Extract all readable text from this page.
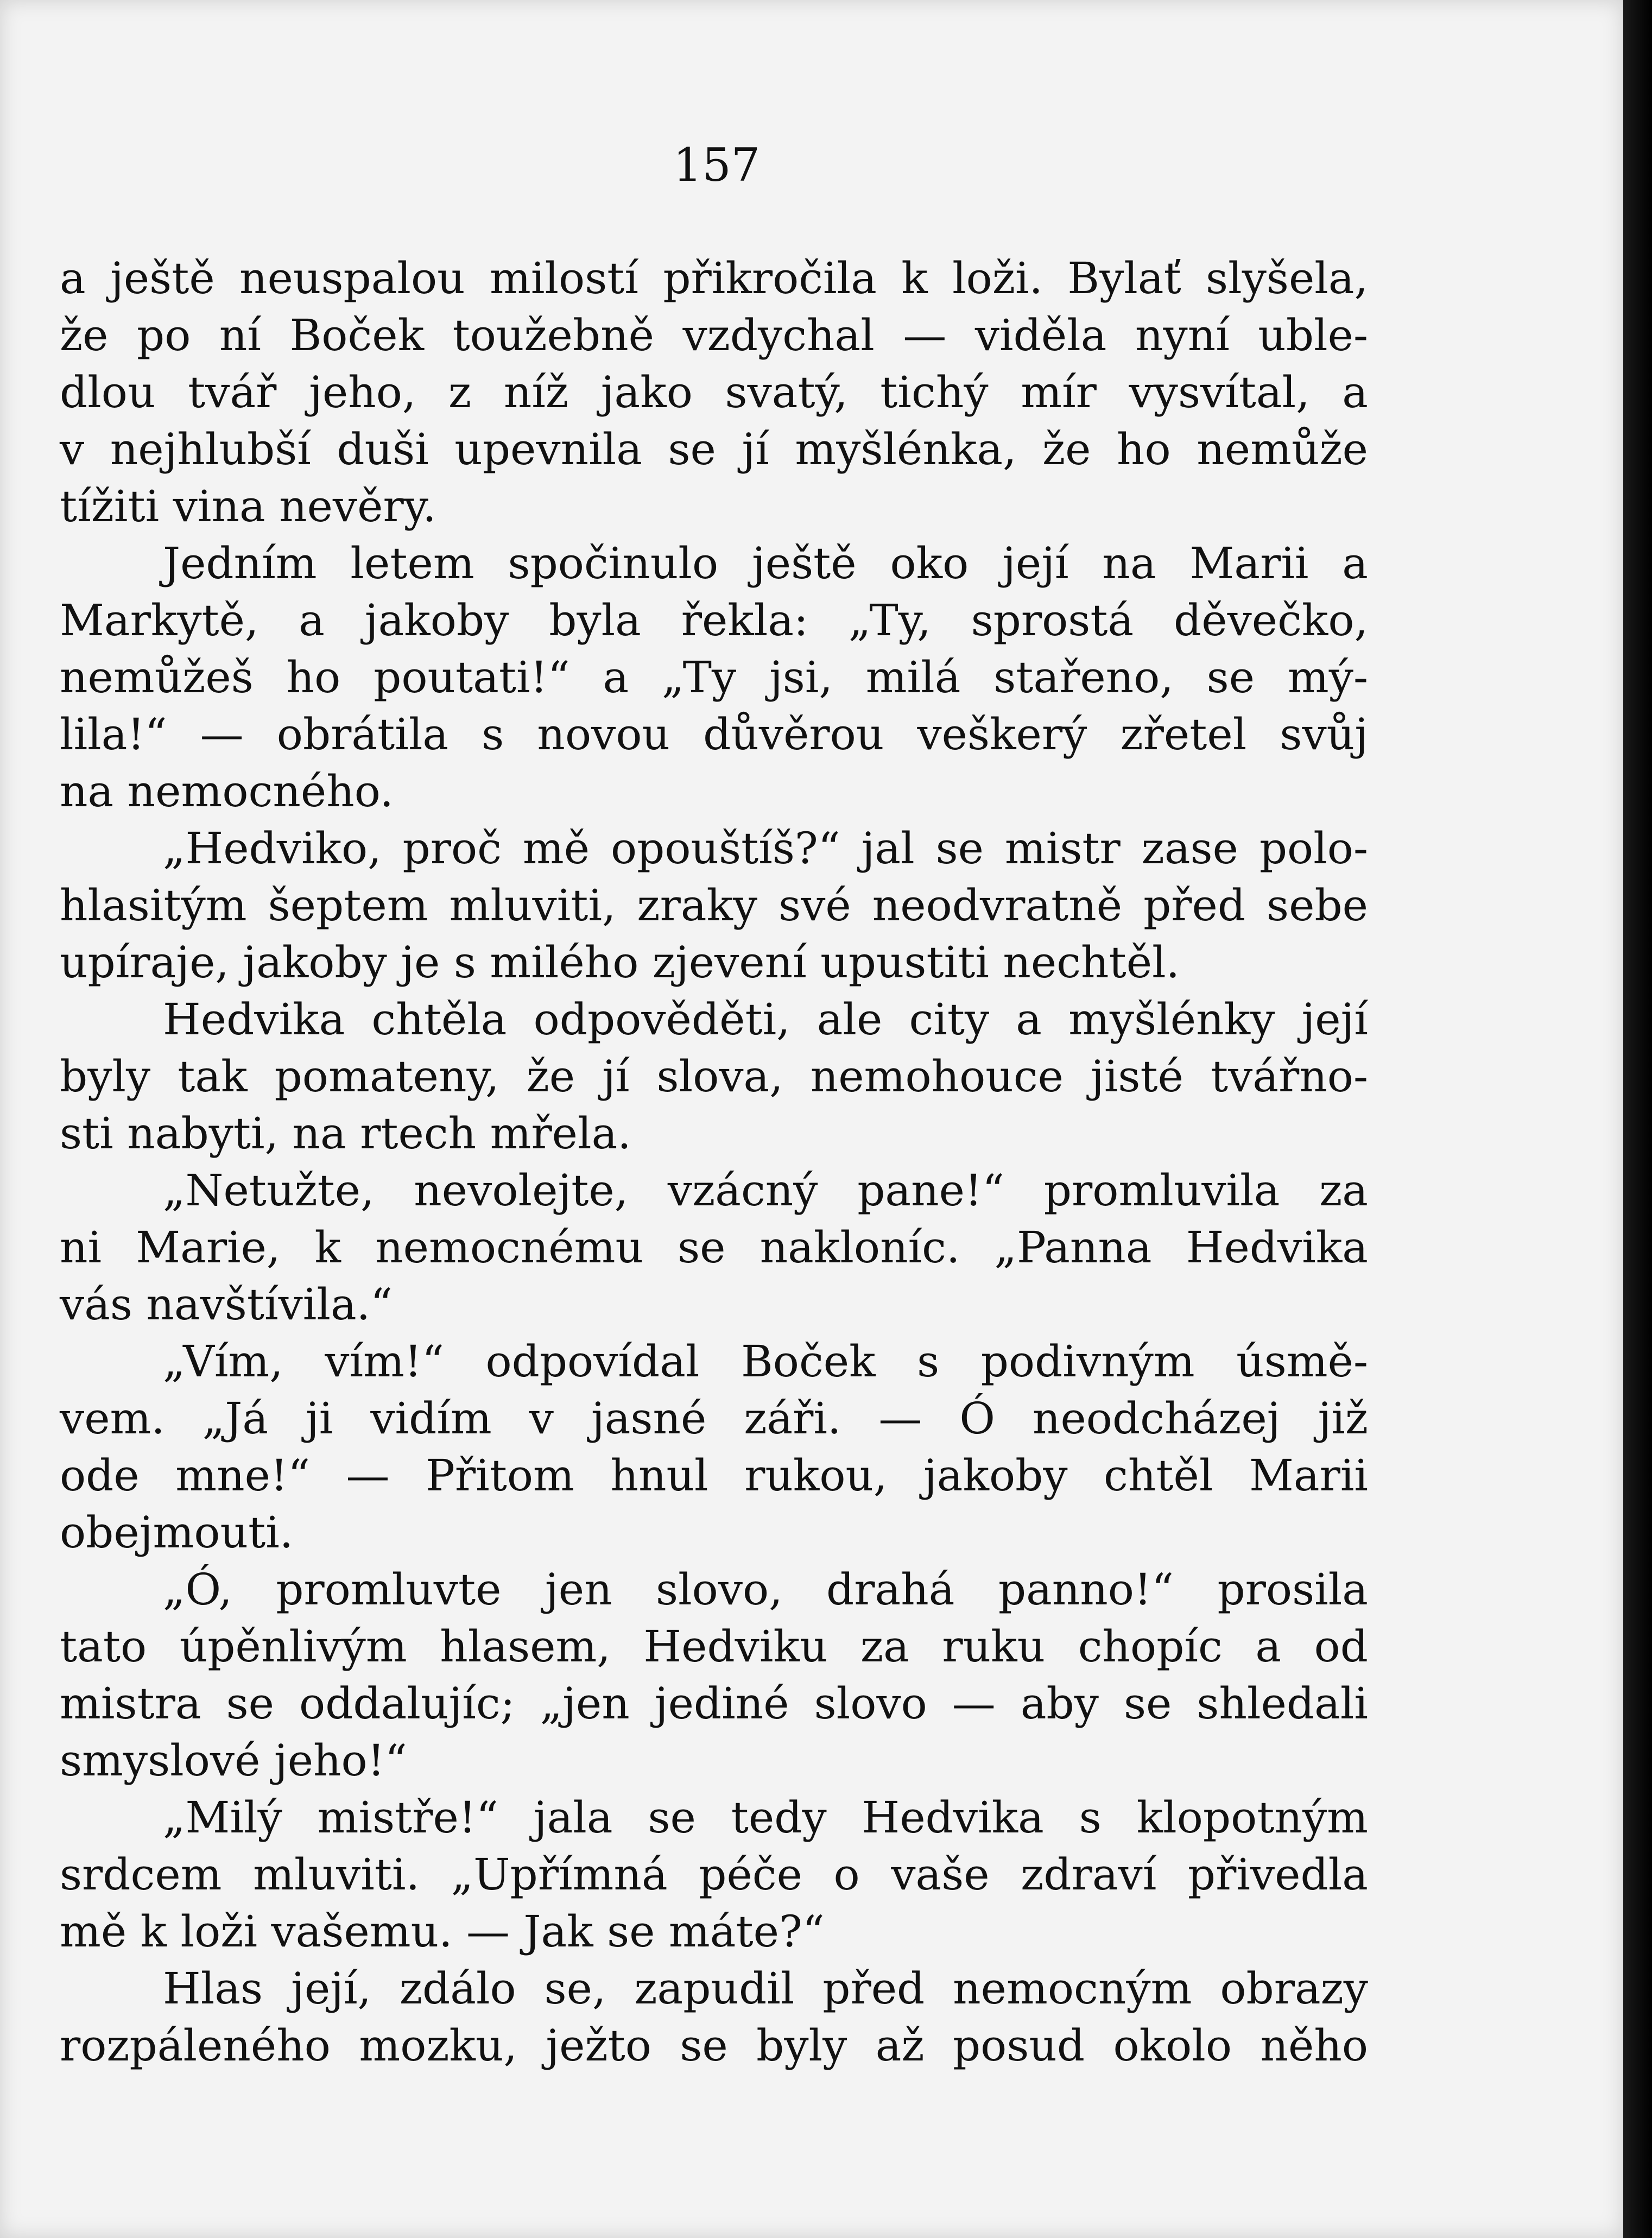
157
a ještě neuspalou milostí přikročila k loži. Bylať slyšela,
že po ní Boček toužebně vzdychal — viděla nyní uble-
dlou tvář jeho, z níž jako svatý, tichý mír vysvítal, a
v nejhlubší duši upevnila se jí myšlénka, že ho nemůže
tížiti vina nevěry.
Jedním letem spočinulo ještě oko její na Marii a
Markytě, a jakoby byla řekla: „Ty, sprostá děvečko,
nemůžeš ho poutati!“ a „Ty jsi, milá stařeno, se mý-
lila!“ — obrátila s novou důvěrou veškerý zřetel svůj
na nemocného.
„Hedviko, proč mě opouštíš?“ jal se mistr zase polo-
hlasitým šeptem mluviti, zraky své neodvratně před sebe
upíraje, jakoby je s milého zjevení upustiti nechtěl.
Hedvika chtěla odpověděti, ale city a myšlénky její
byly tak pomateny, že jí slova, nemohouce jisté tvářno-
sti nabyti, na rtech mřela.
„Netužte, nevolejte, vzácný pane!“ promluvila za
ni Marie, k nemocnému se nakloníc. „Panna Hedvika
vás navštívila.“
„Vím, vím!“ odpovídal Boček s podivným úsmě-
vem. „Já ji vidím v jasné záři. — Ó neodcházej již
ode mne!“ — Přitom hnul rukou, jakoby chtěl Marii
obejmouti.
„Ó, promluvte jen slovo, drahá panno!“ prosila
tato úpěnlivým hlasem, Hedviku za ruku chopíc a od
mistra se oddalujíc; „jen jediné slovo — aby se shledali
smyslové jeho!“
„Milý mistře!“ jala se tedy Hedvika s klopotným
srdcem mluviti. „Upřímná péče o vaše zdraví přivedla
mě k loži vašemu. — Jak se máte?“
Hlas její, zdálo se, zapudil před nemocným obrazy
rozpáleného mozku, ježto se byly až posud okolo něho
